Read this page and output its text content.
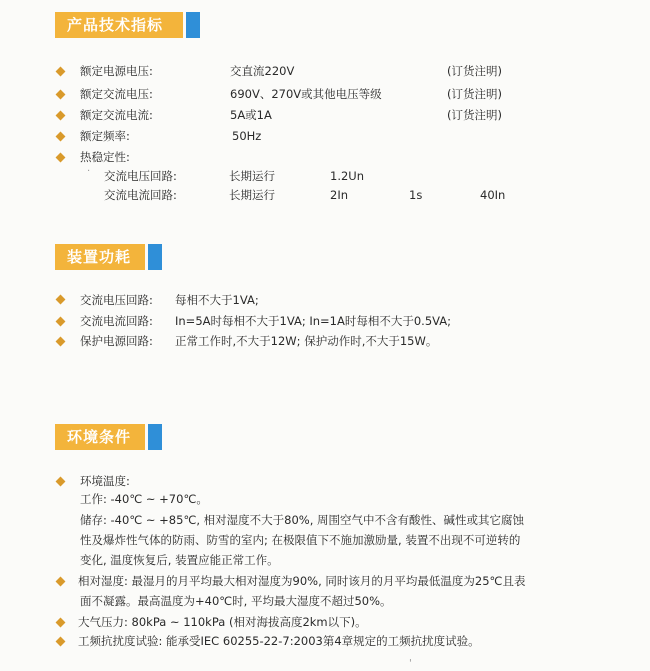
产品技术指标
额定电源电压:	交直流220V	(订货注明)
额定交流电压:	690V、270V或其他电压等级	(订货注明)
额定交流电流:	5A或1A	(订货注明)
额定频率:	50Hz
热稳定性:
· 交流电压回路:	长期运行	1.2Un
交流电流回路:	长期运行	2In	1s	40In
装置功耗
交流电压回路: 每相不大于1VA;
交流电流回路: In=5A时每相不大于1VA; In=1A时每相不大于0.5VA;
保护电源回路: 正常工作时,不大于12W; 保护动作时,不大于15W。
环境条件
环境温度:
工作: -40℃ ~ +70℃。
储存: -40℃ ~ +85℃, 相对湿度不大于80%, 周围空气中不含有酸性、碱性或其它腐蚀
性及爆炸性气体的防雨、防雪的室内; 在极限值下不施加激励量, 装置不出现不可逆转的
变化, 温度恢复后, 装置应能正常工作。
相对湿度: 最湿月的月平均最大相对湿度为90%, 同时该月的月平均最低温度为25℃且表
面不凝露。最高温度为+40℃时, 平均最大湿度不超过50%。
大气压力: 80kPa ~ 110kPa (相对海拔高度2km以下)。
工频抗扰度试验: 能承受IEC 60255-22-7:2003第4章规定的工频抗扰度试验。
'
